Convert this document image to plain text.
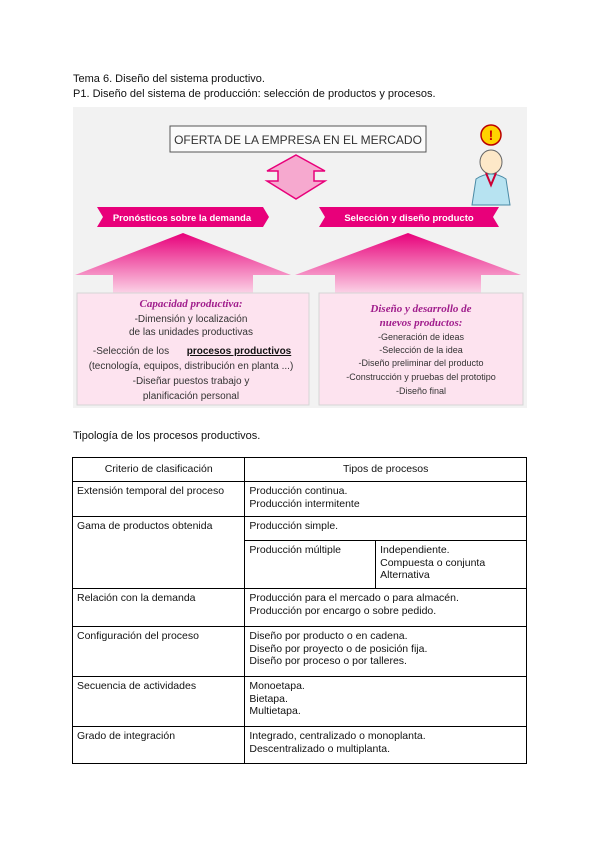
Tema 6. Diseño del sistema productivo.
P1. Diseño del sistema de producción: selección de productos y procesos.
OFERTA DE LA EMPRESA EN EL MERCADO	!
Pronósticos sobre la demanda	Selección y diseño producto
Capacidad productiva:
-Dimensión y localización
de las unidades productivas
-Selección de los procesos productivos
(tecnología, equipos, distribución en planta ...)
-Diseñar puestos trabajo y
planificación personal
Diseño y desarrollo de
nuevos productos:
-Generación de ideas
-Selección de la idea
-Diseño preliminar del producto
-Construcción y pruebas del prototipo
-Diseño final
Tipología de los procesos productivos.
Criterio de clasificación	Tipos de procesos	
Extensión temporal del proceso	Producción continua.
Producción intermitente	

Gama de productos obtenida	Producción simple.	
	Producción múltiple	Independiente.
Compuesta o conjunta
Alternativa

Relación con la demanda	Producción para el mercado o para almacén.
Producción por encargo o sobre pedido.	

Configuración del proceso	Diseño por producto o en cadena.
Diseño por proyecto o de posición fija.
Diseño por proceso o por talleres.	

Secuencia de actividades	Monoetapa.
Bietapa.
Multietapa.	

Grado de integración	Integrado, centralizado o monoplanta.
Descentralizado o multiplanta.	
